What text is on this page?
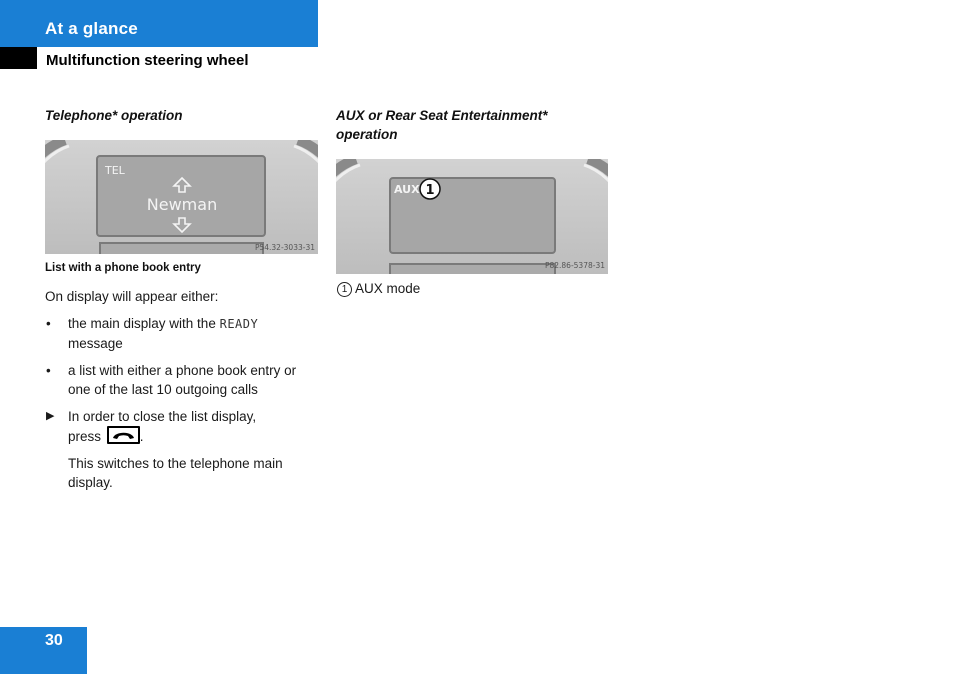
At a glance
Multifunction steering wheel
Telephone* operation
TEL
Newman
P54.32-3033-31
List with a phone book entry
On display will appear either:
• the main display with the READY
message
• a list with either a phone book entry or
one of the last 10 outgoing calls
▶ In order to close the list display,
press	.
This switches to the telephone main
display.
AUX or Rear Seat Entertainment*
operation
AUX 1
P82.86-5378-31
1 AUX mode
30
